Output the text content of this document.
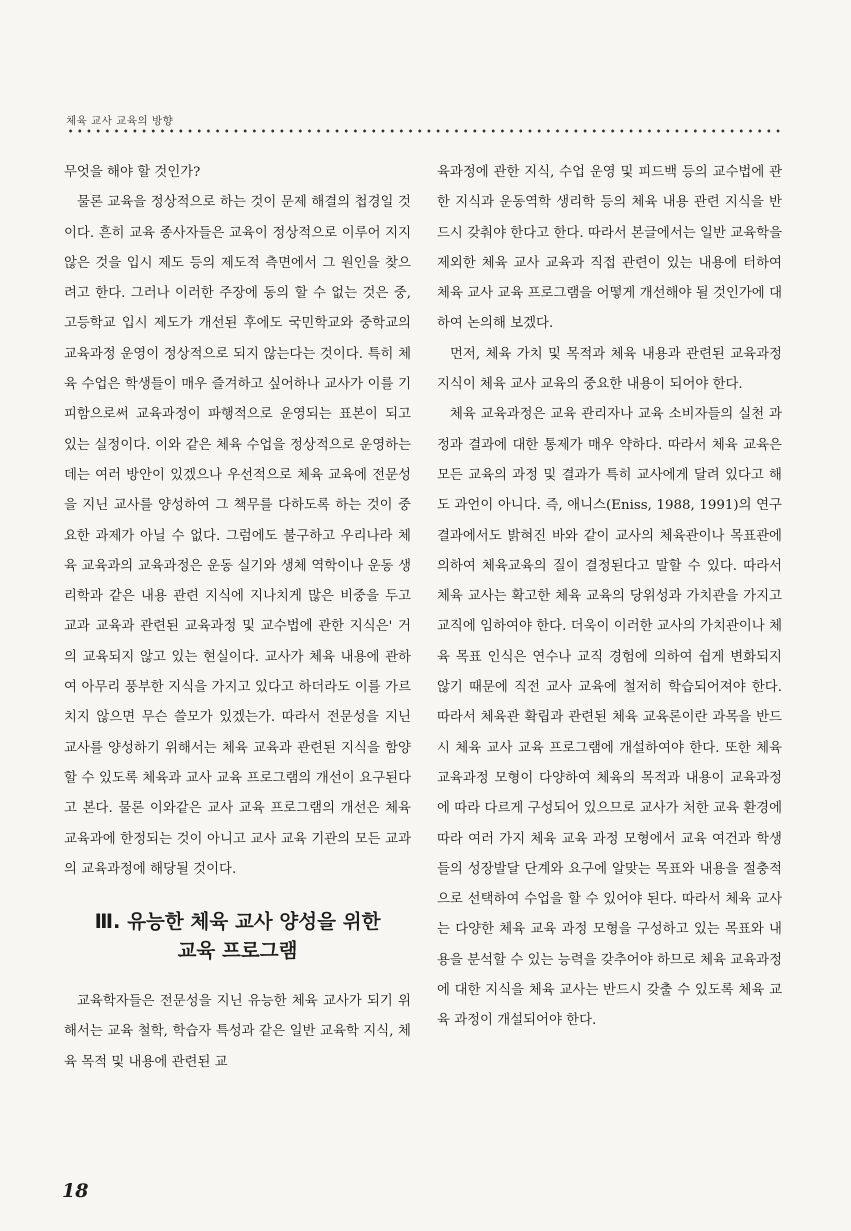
체육 교사 교육의 방향

무엇을 해야 할 것인가?

물론 교육을 정상적으로 하는 것이 문제 해결의 첩경일 것이다. 흔히 교육 종사자들은 교육이 정상적으로 이루어 지지 않은 것을 입시 제도 등의 제도적 측면에서 그 원인을 찾으려고 한다. 그러나 이러한 주장에 동의 할 수 없는 것은 중, 고등학교 입시 제도가 개선된 후에도 국민학교와 중학교의 교육과정 운영이 정상적으로 되지 않는다는 것이다. 특히 체육 수업은 학생들이 매우 즐겨하고 싶어하나 교사가 이를 기피함으로써 교육과정이 파행적으로 운영되는 표본이 되고 있는 실정이다. 이와 같은 체육 수업을 정상적으로 운영하는 데는 여러 방안이 있겠으나 우선적으로 체육 교육에 전문성을 지닌 교사를 양성하여 그 책무를 다하도록 하는 것이 중요한 과제가 아닐 수 없다. 그럼에도 불구하고 우리나라 체육 교육과의 교육과정은 운동 실기와 생체 역학이나 운동 생리학과 같은 내용 관련 지식에 지나치게 많은 비중을 두고 교과 교육과 관련된 교육과정 및 교수법에 관한 지식은' 거의 교육되지 않고 있는 현실이다. 교사가 체육 내용에 관하여 아무리 풍부한 지식을 가지고 있다고 하더라도 이를 가르치지 않으면 무슨 쓸모가 있겠는가. 따라서 전문성을 지닌 교사를 양성하기 위해서는 체육 교육과 관련된 지식을 함양할 수 있도록 체육과 교사 교육 프로그램의 개선이 요구된다고 본다. 물론 이와같은 교사 교육 프로그램의 개선은 체육 교육과에 한정되는 것이 아니고 교사 교육 기관의 모든 교과의 교육과정에 해당될 것이다.

Ⅲ. 유능한 체육 교사 양성을 위한
교육 프로그램

교육학자들은 전문성을 지닌 유능한 체육 교사가 되기 위해서는 교육 철학, 학습자 특성과 같은 일반 교육학 지식, 체육 목적 및 내용에 관련된 교

육과정에 관한 지식, 수업 운영 및 피드백 등의 교수법에 관한 지식과 운동역학 생리학 등의 체육 내용 관련 지식을 반드시 갖춰야 한다고 한다. 따라서 본글에서는 일반 교육학을 제외한 체육 교사 교육과 직접 관련이 있는 내용에 터하여 체육 교사 교육 프로그램을 어떻게 개선해야 될 것인가에 대하여 논의해 보겠다.

먼저, 체육 가치 및 목적과 체육 내용과 관련된 교육과정 지식이 체육 교사 교육의 중요한 내용이 되어야 한다.

체육 교육과정은 교육 관리자나 교육 소비자들의 실천 과정과 결과에 대한 통제가 매우 약하다. 따라서 체육 교육은 모든 교육의 과정 및 결과가 특히 교사에게 달려 있다고 해도 과언이 아니다. 즉, 애니스(Eniss, 1988, 1991)의 연구 결과에서도 밝혀진 바와 같이 교사의 체육관이나 목표관에 의하여 체육교육의 질이 결정된다고 말할 수 있다. 따라서 체육 교사는 확고한 체육 교육의 당위성과 가치관을 가지고 교직에 임하여야 한다. 더욱이 이러한 교사의 가치관이나 체육 목표 인식은 연수나 교직 경험에 의하여 쉽게 변화되지 않기 때문에 직전 교사 교육에 철저히 학습되어져야 한다. 따라서 체육관 확립과 관련된 체육 교육론이란 과목을 반드시 체육 교사 교육 프로그램에 개설하여야 한다. 또한 체육 교육과정 모형이 다양하여 체육의 목적과 내용이 교육과정에 따라 다르게 구성되어 있으므로 교사가 처한 교육 환경에 따라 여러 가지 체육 교육 과정 모형에서 교육 여건과 학생들의 성장발달 단계와 요구에 알맞는 목표와 내용을 절충적으로 선택하여 수업을 할 수 있어야 된다. 따라서 체육 교사는 다양한 체육 교육 과정 모형을 구성하고 있는 목표와 내용을 분석할 수 있는 능력을 갖추어야 하므로 체육 교육과정에 대한 지식을 체육 교사는 반드시 갖출 수 있도록 체육 교육 과정이 개설되어야 한다.

18
